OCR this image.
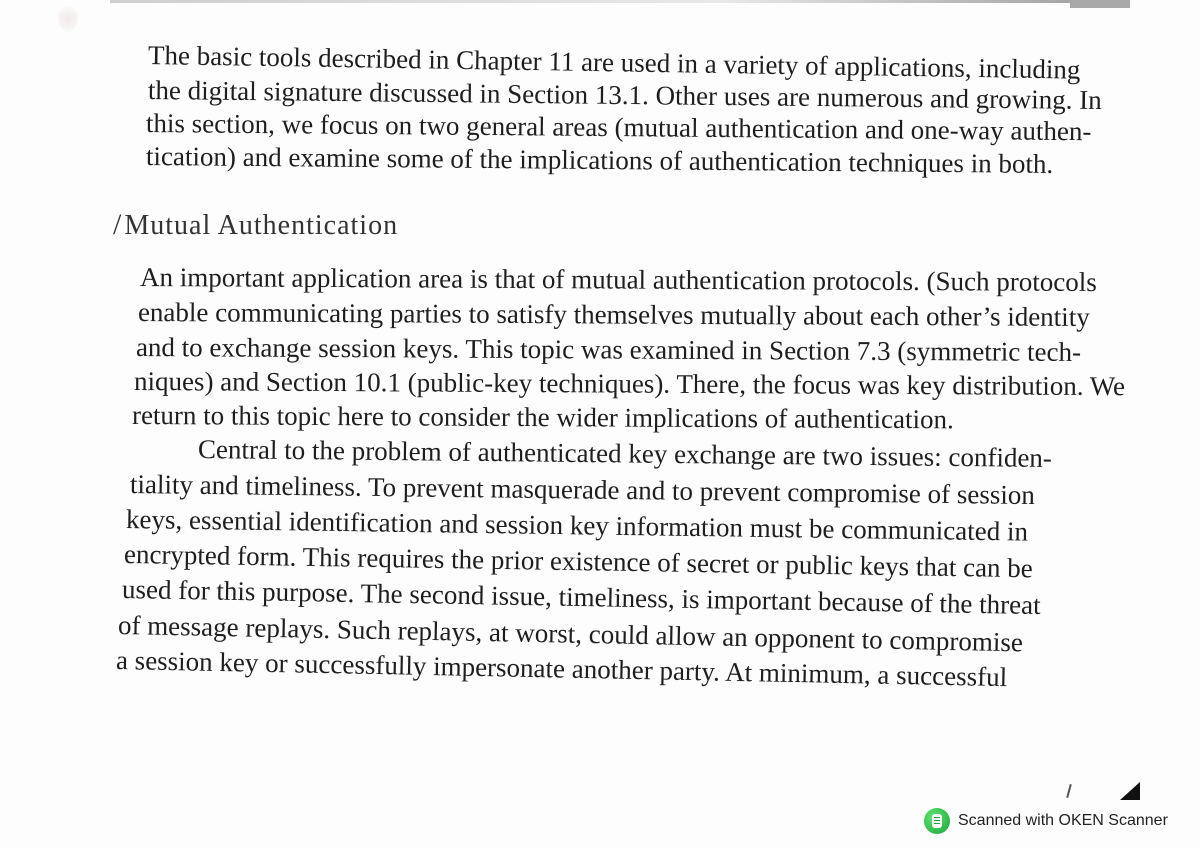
The basic tools described in Chapter 11 are used in a variety of applications, including
the digital signature discussed in Section 13.1. Other uses are numerous and growing. In
this section, we focus on two general areas (mutual authentication and one-way authen-
tication) and examine some of the implications of authentication techniques in both.
/Mutual Authentication
An important application area is that of mutual authentication protocols. (Such protocols
enable communicating parties to satisfy themselves mutually about each other’s identity
and to exchange session keys. This topic was examined in Section 7.3 (symmetric tech-
niques) and Section 10.1 (public-key techniques). There, the focus was key distribution. We
return to this topic here to consider the wider implications of authentication.
Central to the problem of authenticated key exchange are two issues: confiden-
tiality and timeliness. To prevent masquerade and to prevent compromise of session
keys, essential identification and session key information must be communicated in
encrypted form. This requires the prior existence of secret or public keys that can be
used for this purpose. The second issue, timeliness, is important because of the threat
of message replays. Such replays, at worst, could allow an opponent to compromise
a session key or successfully impersonate another party. At minimum, a successful
Scanned with OKEN Scanner
